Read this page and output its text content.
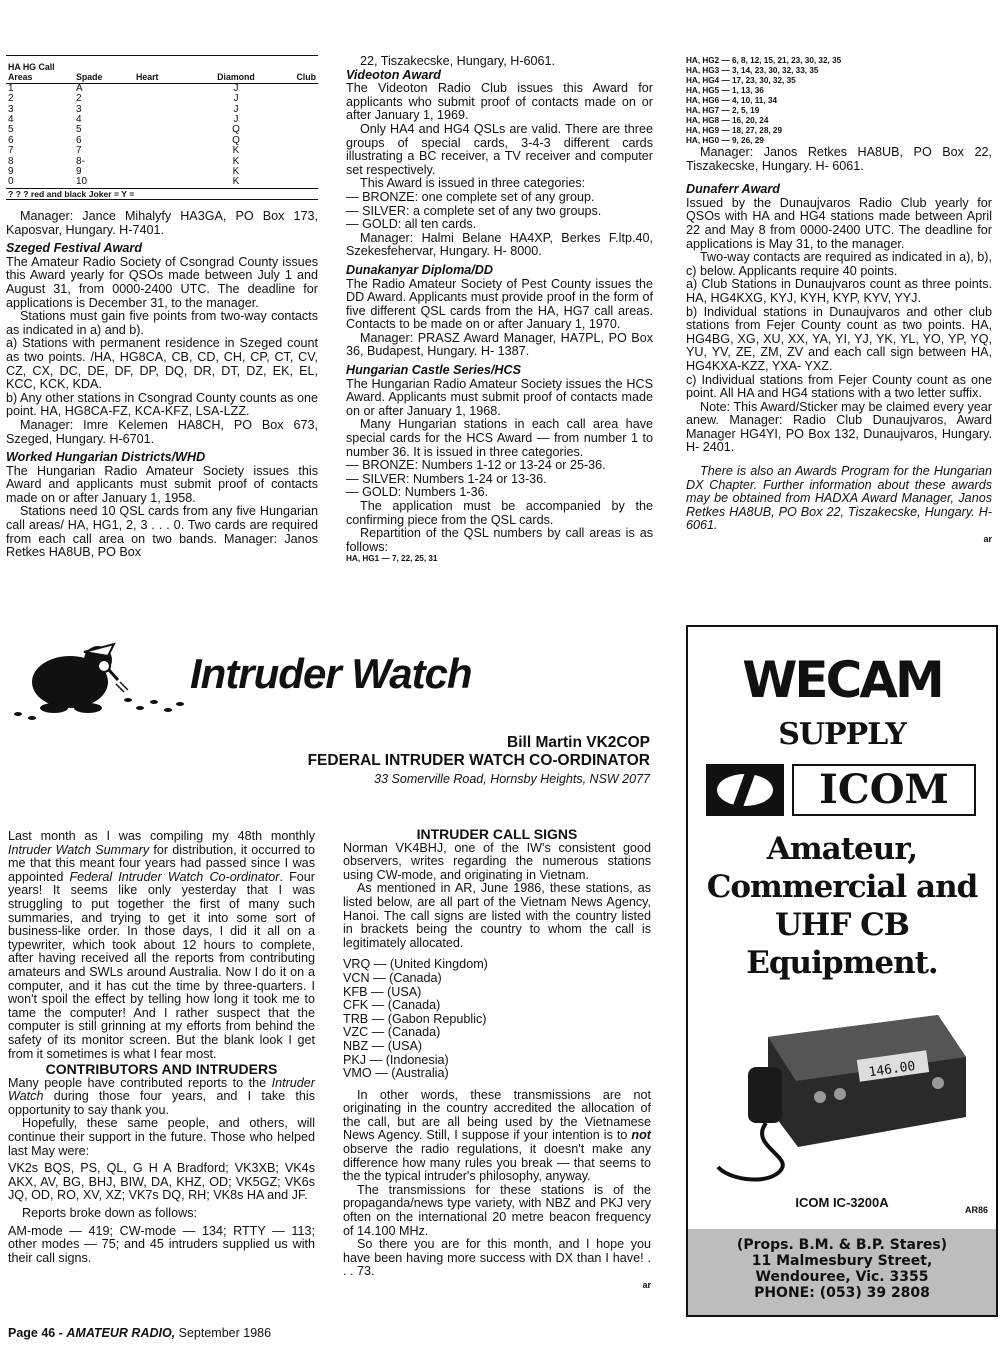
HA HG Call Areas	Spade	Heart	Diamond	Club
1	A		J	
2	2		J	
3	3		J	
4	4		J	
5	5		Q	
6	6		Q	
7	7		K	
8	8-		K	
9	9		K	
0	10		K	
? ? ? red and black Joker = Y =				

Manager: Jance Mihalyfy HA3GA, PO Box 173, Kaposvar, Hungary. H-7401.

Szeged Festival Award

The Amateur Radio Society of Csongrad County issues this Award yearly for QSOs made between July 1 and August 31, from 0000-2400 UTC. The deadline for applications is December 31, to the manager.

Stations must gain five points from two-way contacts as indicated in a) and b).

a) Stations with permanent residence in Szeged count as two points. /HA, HG8CA, CB, CD, CH, CP, CT, CV, CZ, CX, DC, DE, DF, DP, DQ, DR, DT, DZ, EK, EL, KCC, KCK, KDA.

b) Any other stations in Csongrad County counts as one point. HA, HG8CA-FZ, KCA-KFZ, LSA-LZZ.

Manager: Imre Kelemen HA8CH, PO Box 673, Szeged, Hungary. H-6701.

Worked Hungarian Districts/WHD

The Hungarian Radio Amateur Society issues this Award and applicants must submit proof of contacts made on or after January 1, 1958.

Stations need 10 QSL cards from any five Hungarian call areas/ HA, HG1, 2, 3 . . . 0. Two cards are required from each call area on two bands. Manager: Janos Retkes HA8UB, PO Box

22, Tiszakecske, Hungary, H-6061.

Videoton Award

The Videoton Radio Club issues this Award for applicants who submit proof of contacts made on or after January 1, 1969.

Only HA4 and HG4 QSLs are valid. There are three groups of special cards, 3-4-3 different cards illustrating a BC receiver, a TV receiver and computer set respectively.

This Award is issued in three categories:

— BRONZE: one complete set of any group.

— SILVER: a complete set of any two groups.

— GOLD: all ten cards.

Manager: Halmi Belane HA4XP, Berkes F.ltp.40, Szekesfehervar, Hungary. H- 8000.

Dunakanyar Diploma/DD

The Radio Amateur Society of Pest County issues the DD Award. Applicants must provide proof in the form of five different QSL cards from the HA, HG7 call areas. Contacts to be made on or after January 1, 1970.

Manager: PRASZ Award Manager, HA7PL, PO Box 36, Budapest, Hungary. H- 1387.

Hungarian Castle Series/HCS

The Hungarian Radio Amateur Society issues the HCS Award. Applicants must submit proof of contacts made on or after January 1, 1968.

Many Hungarian stations in each call area have special cards for the HCS Award — from number 1 to number 36. It is issued in three categories.

— BRONZE: Numbers 1-12 or 13-24 or 25-36.

— SILVER: Numbers 1-24 or 13-36.

— GOLD: Numbers 1-36.

The application must be accompanied by the confirming piece from the QSL cards.

Repartition of the QSL numbers by call areas is as follows:

HA, HG1 — 7, 22, 25, 31

HA, HG2 — 6, 8, 12, 15, 21, 23, 30, 32, 35

HA, HG3 — 3, 14, 23, 30, 32, 33, 35

HA, HG4 — 17, 23, 30, 32, 35

HA, HG5 — 1, 13, 36

HA, HG6 — 4, 10, 11, 34

HA, HG7 — 2, 5, 19

HA, HG8 — 16, 20, 24

HA, HG9 — 18, 27, 28, 29

HA, HG0 — 9, 26, 29

Manager: Janos Retkes HA8UB, PO Box 22, Tiszakecske, Hungary. H- 6061.

Dunaferr Award

Issued by the Dunaujvaros Radio Club yearly for QSOs with HA and HG4 stations made between April 22 and May 8 from 0000-2400 UTC. The deadline for applications is May 31, to the manager.

Two-way contacts are required as indicated in a), b), c) below. Applicants require 40 points.

a) Club Stations in Dunaujvaros count as three points. HA, HG4KXG, KYJ, KYH, KYP, KYV, YYJ.

b) Individual stations in Dunaujvaros and other club stations from Fejer County count as two points. HA, HG4BG, XG, XU, XX, YA, YI, YJ, YK, YL, YO, YP, YQ, YU, YV, ZE, ZM, ZV and each call sign between HA, HG4KXA-KZZ, YXA- YXZ.

c) Individual stations from Fejer County count as one point. All HA and HG4 stations with a two letter suffix.

Note: This Award/Sticker may be claimed every year anew. Manager: Radio Club Dunaujvaros, Award Manager HG4YI, PO Box 132, Dunaujvaros, Hungary. H- 2401.

There is also an Awards Program for the Hungarian DX Chapter. Further information about these awards may be obtained from HADXA Award Manager, Janos Retkes HA8UB, PO Box 22, Tiszakecske, Hungary. H-6061.

ar

Intruder Watch
Bill Martin VK2COP
FEDERAL INTRUDER WATCH CO-ORDINATOR
33 Somerville Road, Hornsby Heights, NSW 2077

Last month as I was compiling my 48th monthly Intruder Watch Summary for distribution, it occurred to me that this meant four years had passed since I was appointed Federal Intruder Watch Co-ordinator. Four years! It seems like only yesterday that I was struggling to put together the first of many such summaries, and trying to get it into some sort of business-like order. In those days, I did it all on a typewriter, which took about 12 hours to complete, after having received all the reports from contributing amateurs and SWLs around Australia. Now I do it on a computer, and it has cut the time by three-quarters. I won't spoil the effect by telling how long it took me to tame the computer! And I rather suspect that the computer is still grinning at my efforts from behind the safety of its monitor screen. But the blank look I get from it sometimes is what I fear most.

CONTRIBUTORS AND INTRUDERS

Many people have contributed reports to the Intruder Watch during those four years, and I take this opportunity to say thank you.

Hopefully, these same people, and others, will continue their support in the future. Those who helped last May were:

VK2s BQS, PS, QL, G H A Bradford; VK3XB; VK4s AKX, AV, BG, BHJ, BIW, DA, KHZ, OD; VK5GZ; VK6s JQ, OD, RO, XV, XZ; VK7s DQ, RH; VK8s HA and JF.

Reports broke down as follows:

AM-mode — 419; CW-mode — 134; RTTY — 113; other modes — 75; and 45 intruders supplied us with their call signs.

INTRUDER CALL SIGNS

Norman VK4BHJ, one of the IW's consistent good observers, writes regarding the numerous stations using CW-mode, and originating in Vietnam.

As mentioned in AR, June 1986, these stations, as listed below, are all part of the Vietnam News Agency, Hanoi. The call signs are listed with the country listed in brackets being the country to whom the call is legitimately allocated.

VRQ — (United Kingdom)

VCN — (Canada)

KFB — (USA)

CFK — (Canada)

TRB — (Gabon Republic)

VZC — (Canada)

NBZ — (USA)

PKJ — (Indonesia)

VMO — (Australia)

In other words, these transmissions are not originating in the country accredited the allocation of the call, but are all being used by the Vietnamese News Agency. Still, I suppose if your intention is to not observe the radio regulations, it doesn't make any difference how many rules you break — that seems to the the typical intruder's philosophy, anyway.

The transmissions for these stations is of the propaganda/news type variety, with NBZ and PKJ very often on the international 20 metre beacon frequency of 14.100 MHz.

So there you are for this month, and I hope you have been having more success with DX than I have! . . . 73.

ar

WECAM
SUPPLY
ICOM
Amateur,
Commercial and
UHF CB
Equipment.
146.00
ICOM IC-3200A	AR86
(Props. B.M. & B.P. Stares)
11 Malmesbury Street,
Wendouree, Vic. 3355
PHONE: (053) 39 2808
Page 46 - AMATEUR RADIO, September 1986
